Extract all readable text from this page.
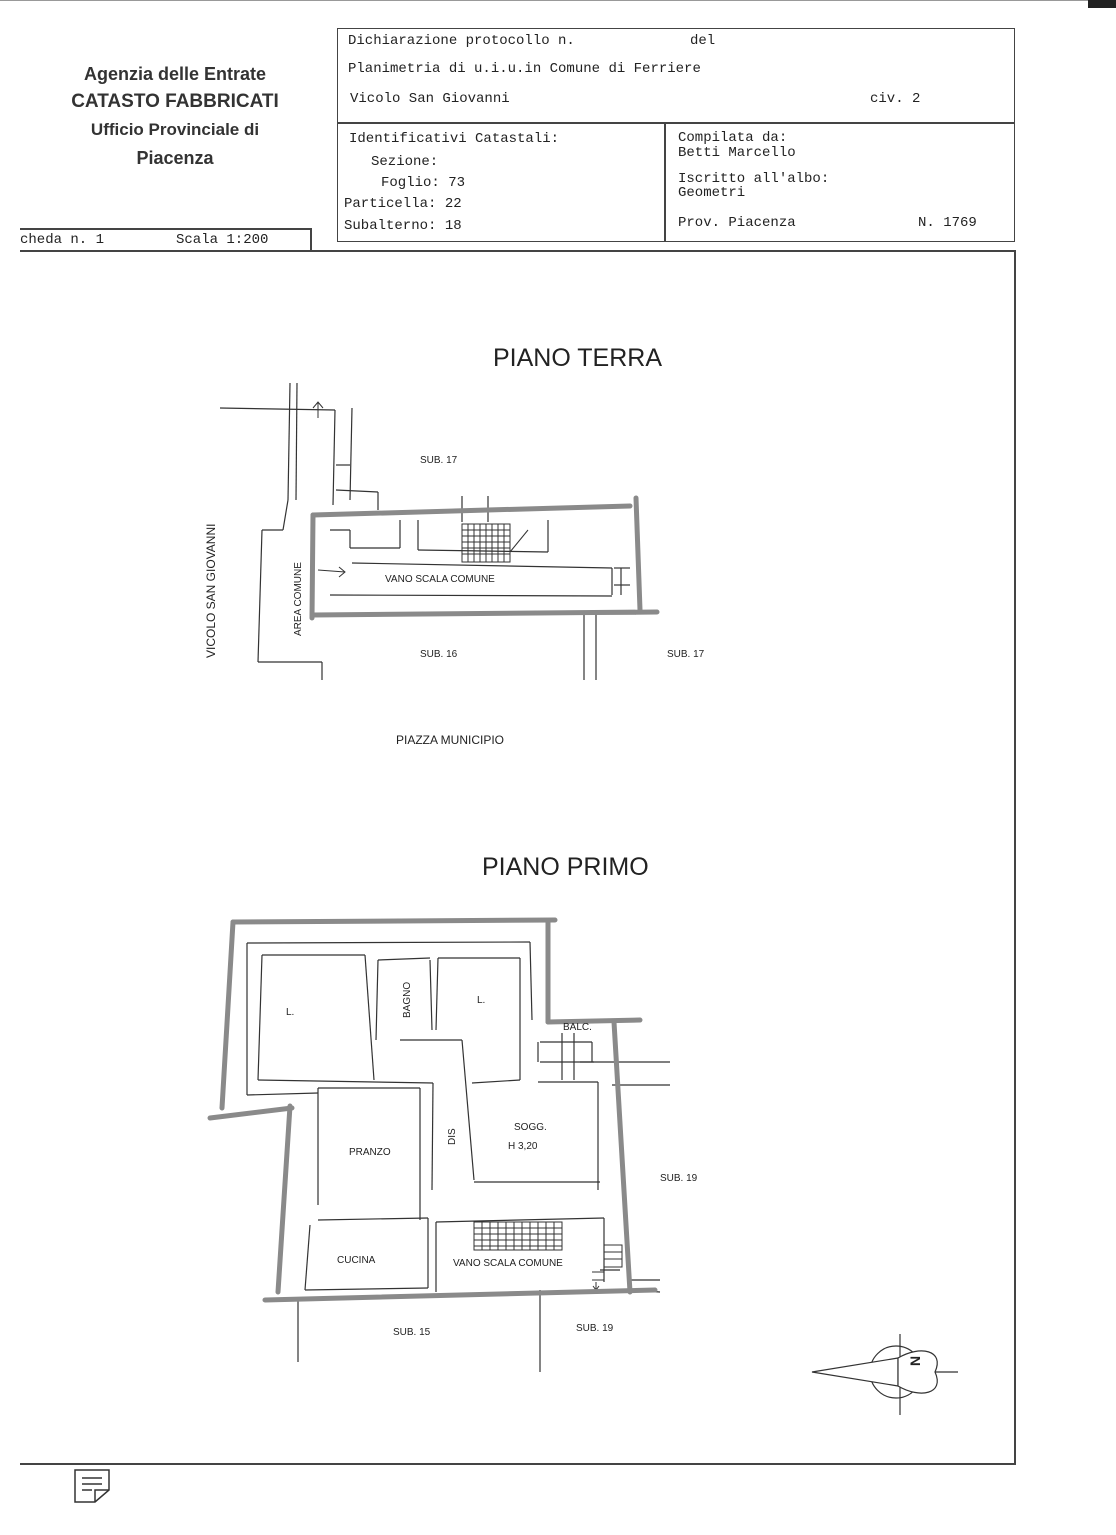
Agenzia delle Entrate
CATASTO FABBRICATI
Ufficio Provinciale di
Piacenza
Dichiarazione protocollo n.	del
Planimetria di u.i.u.in Comune di Ferriere
Vicolo San Giovanni	civ. 2
Identificativi Catastali:
Sezione:
Foglio: 73
Particella: 22
Subalterno: 18
Compilata da:
Betti Marcello
Iscritto all'albo:
Geometri
Prov. Piacenza	N. 1769
cheda n. 1	Scala 1:200
PIANO TERRA
SUB. 17
VANO SCALA COMUNE
AREA COMUNE
VICOLO SAN GIOVANNI	SUB. 16	SUB. 17
PIAZZA MUNICIPIO
PIANO PRIMO
L.	BAGNO	L.
BALC.
DIS
SOGG.
H 3,20
PRANZO
CUCINA	VANO SCALA COMUNE
SUB. 19
SUB. 15	SUB. 19
N
